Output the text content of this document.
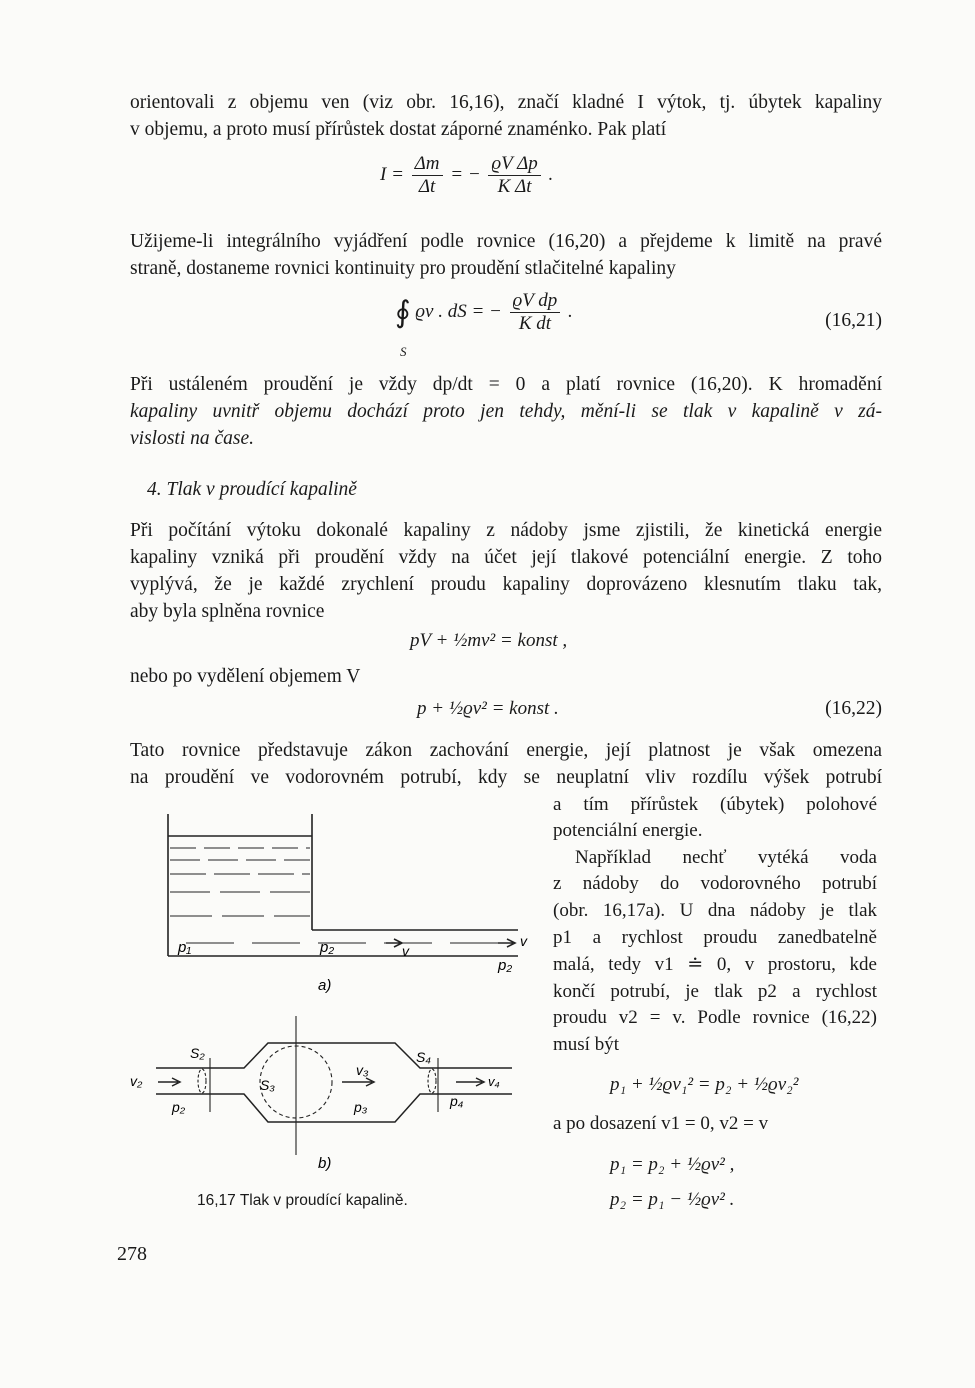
orientovali z objemu ven (viz obr. 16,16), značí kladné I výtok, tj. úbytek kapaliny
v objemu, a proto musí přírůstek dostat záporné znaménko. Pak platí
$I = \frac{\Delta m}{\Delta t}$ = − $\frac{\text{ϱV Δp}}{\text{K Δt}}$ .
Užijeme-li integrálního vyjádření podle rovnice (16,20) a přejdeme k limitě na pravé
straně, dostaneme rovnici kontinuity pro proudění stlačitelné kapaliny
∮ ϱv . dS = − $\frac{\text{ϱV dp}}{\text{K dt}}$ .
S
(16,21)
Při ustáleném proudění je vždy dp/dt = 0 a platí rovnice (16,20). K hromadění
kapaliny uvnitř objemu dochází proto jen tehdy, mění-li se tlak v kapalině v zá-
vislosti na čase.
4. Tlak v proudící kapalině
Při počítání výtoku dokonalé kapaliny z nádoby jsme zjistili, že kinetická energie
kapaliny vzniká při proudění vždy na účet její tlakové potenciální energie. Z toho
vyplývá, že je každé zrychlení proudu kapaliny doprovázeno klesnutím tlaku tak,
aby byla splněna rovnice
pV + ½mv² = konst ,
nebo po vydělení objemem V
p + ½ϱv² = konst .	(16,22)
Tato rovnice představuje zákon zachování energie, její platnost je však omezena
na proudění ve vodorovném potrubí, kdy se neuplatní vliv rozdílu výšek potrubí
a tím přírůstek (úbytek) polohové
potenciální energie.
Například nechť vytéká voda
z nádoby do vodorovného potrubí
(obr. 16,17a). U dna nádoby je tlak
p1 a rychlost proudu zanedbatelně
malá, tedy v1 ≐ 0, v prostoru, kde
končí potrubí, je tlak p2 a rychlost
proudu v2 = v. Podle rovnice (16,22)
musí být
p₁ + ½ϱv₁² = p₂ + ½ϱv₂²
a po dosazení v1 = 0, v2 = v
p₁ = p₂ + ½ϱv² ,
p₂ = p₁ − ½ϱv² .
p₁	p₂	v
v
p₂
a)
v₂
S₂
p₂
S₃
v₃
p₃
S₄
v₄
p₄
b)
16,17 Tlak v proudící kapalině.
278
